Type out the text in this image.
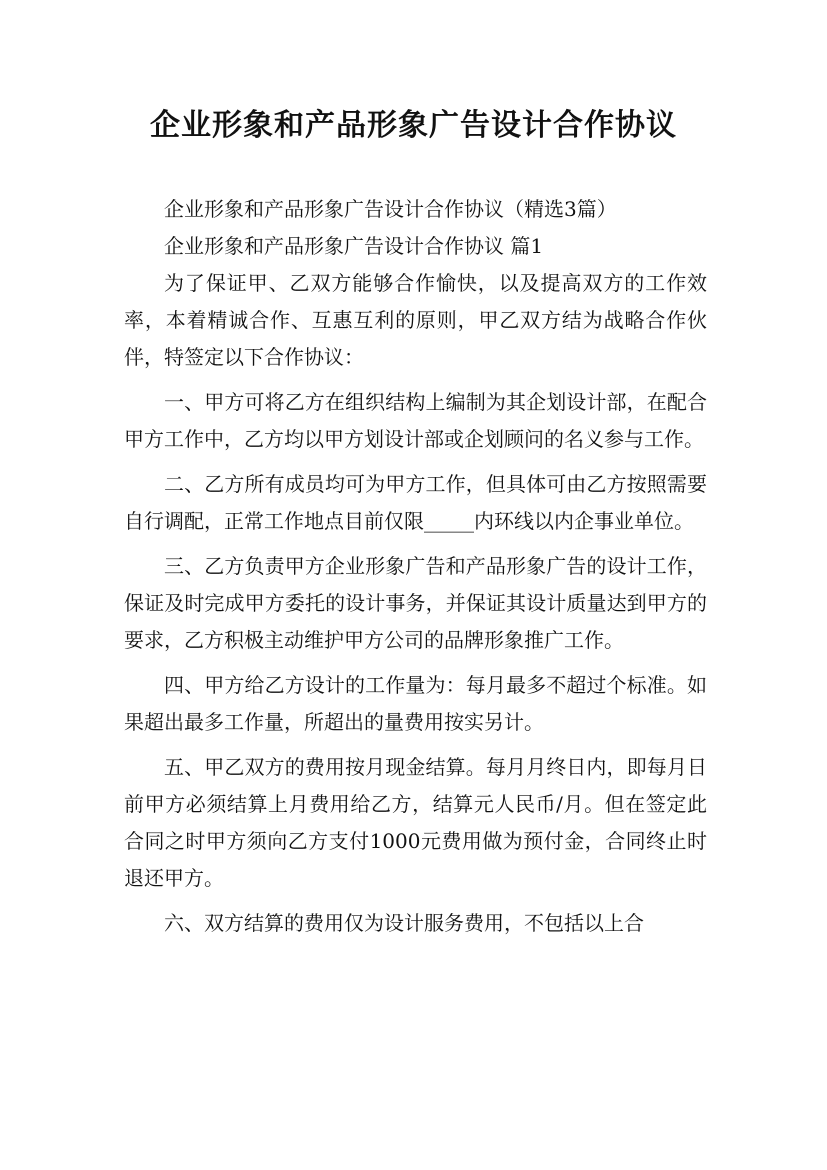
企业形象和产品形象广告设计合作协议

企业形象和产品形象广告设计合作协议（精选3篇）

企业形象和产品形象广告设计合作协议 篇1

为了保证甲、乙双方能够合作愉快，以及提高双方的工作效率，本着精诚合作、互惠互利的原则，甲乙双方结为战略合作伙伴，特签定以下合作协议：

一、甲方可将乙方在组织结构上编制为其企划设计部，在配合甲方工作中，乙方均以甲方划设计部或企划顾问的名义参与工作。

二、乙方所有成员均可为甲方工作，但具体可由乙方按照需要自行调配，正常工作地点目前仅限_____内环线以内企事业单位。

三、乙方负责甲方企业形象广告和产品形象广告的设计工作，保证及时完成甲方委托的设计事务，并保证其设计质量达到甲方的要求，乙方积极主动维护甲方公司的品牌形象推广工作。

四、甲方给乙方设计的工作量为：每月最多不超过个标准。如果超出最多工作量，所超出的量费用按实另计。

五、甲乙双方的费用按月现金结算。每月月终日内，即每月日前甲方必须结算上月费用给乙方，结算元人民币/月。但在签定此合同之时甲方须向乙方支付1000元费用做为预付金，合同终止时退还甲方。

六、双方结算的费用仅为设计服务费用，不包括以上合
